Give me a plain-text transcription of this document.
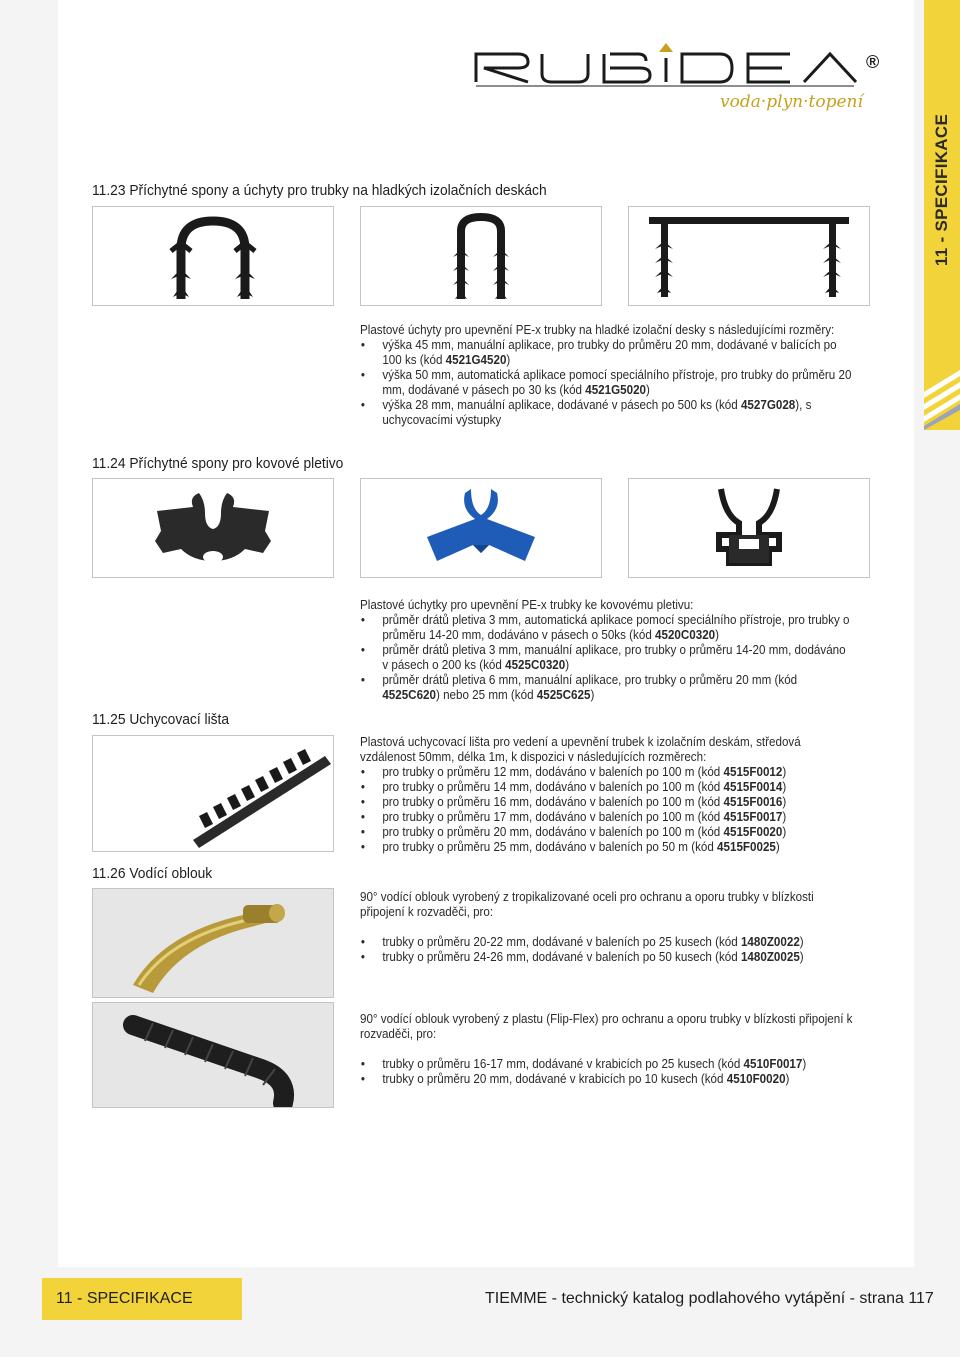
11 - SPECIFIKACE
®
voda·plyn·topení
11.23 Příchytné spony a úchyty pro trubky na hladkých izolačních deskách

Plastové úchyty pro upevnění PE-x trubky na hladké izolační desky s následujícími rozměry:

• výška 45 mm, manuální aplikace, pro trubky do průměru 20 mm, dodávané v balících po 100 ks (kód 4521G4520)
• výška 50 mm, automatická aplikace pomocí speciálního přístroje, pro trubky do průměru 20 mm, dodávané v pásech po 30 ks (kód 4521G5020)
• výška 28 mm, manuální aplikace, dodávané v pásech po 500 ks (kód 4527G028), s uchycovacími výstupky
11.24 Příchytné spony pro kovové pletivo

Plastové úchytky pro upevnění PE-x trubky ke kovovému pletivu:

• průměr drátů pletiva 3 mm, automatická aplikace pomocí speciálního přístroje, pro trubky o průměru 14-20 mm, dodáváno v pásech o 50ks (kód 4520C0320)
• průměr drátů pletiva 3 mm, manuální aplikace, pro trubky o průměru 14-20 mm, dodáváno v pásech o 200 ks (kód 4525C0320)
• průměr drátů pletiva 6 mm, manuální aplikace, pro trubky o průměru 20 mm (kód 4525C620) nebo 25 mm (kód 4525C625)
11.25 Uchycovací lišta

Plastová uchycovací lišta pro vedení a upevnění trubek k izolačním deskám, středová vzdálenost 50mm, délka 1m, k dispozici v následujících rozměrech:

• pro trubky o průměru 12 mm, dodáváno v baleních po 100 m (kód 4515F0012)
• pro trubky o průměru 14 mm, dodáváno v baleních po 100 m (kód 4515F0014)
• pro trubky o průměru 16 mm, dodáváno v baleních po 100 m (kód 4515F0016)
• pro trubky o průměru 17 mm, dodáváno v baleních po 100 m (kód 4515F0017)
• pro trubky o průměru 20 mm, dodáváno v baleních po 100 m (kód 4515F0020)
• pro trubky o průměru 25 mm, dodáváno v baleních po 50 m (kód 4515F0025)
11.26 Vodící oblouk

90° vodící oblouk vyrobený z tropikalizované oceli pro ochranu a oporu trubky v blízkosti připojení k rozvaděči, pro:

• trubky o průměru 20-22 mm, dodávané v baleních po 25 kusech (kód 1480Z0022)
• trubky o průměru 24-26 mm, dodávané v baleních po 50 kusech (kód 1480Z0025)

90° vodící oblouk vyrobený z plastu (Flip-Flex) pro ochranu a oporu trubky v blízkosti připojení k rozvaděči, pro:

• trubky o průměru 16-17 mm, dodávané v krabicích po 25 kusech (kód 4510F0017)
• trubky o průměru 20 mm, dodávané v krabicích po 10 kusech (kód 4510F0020)
11 - SPECIFIKACE	TIEMME - technický katalog podlahového vytápění - strana 117
